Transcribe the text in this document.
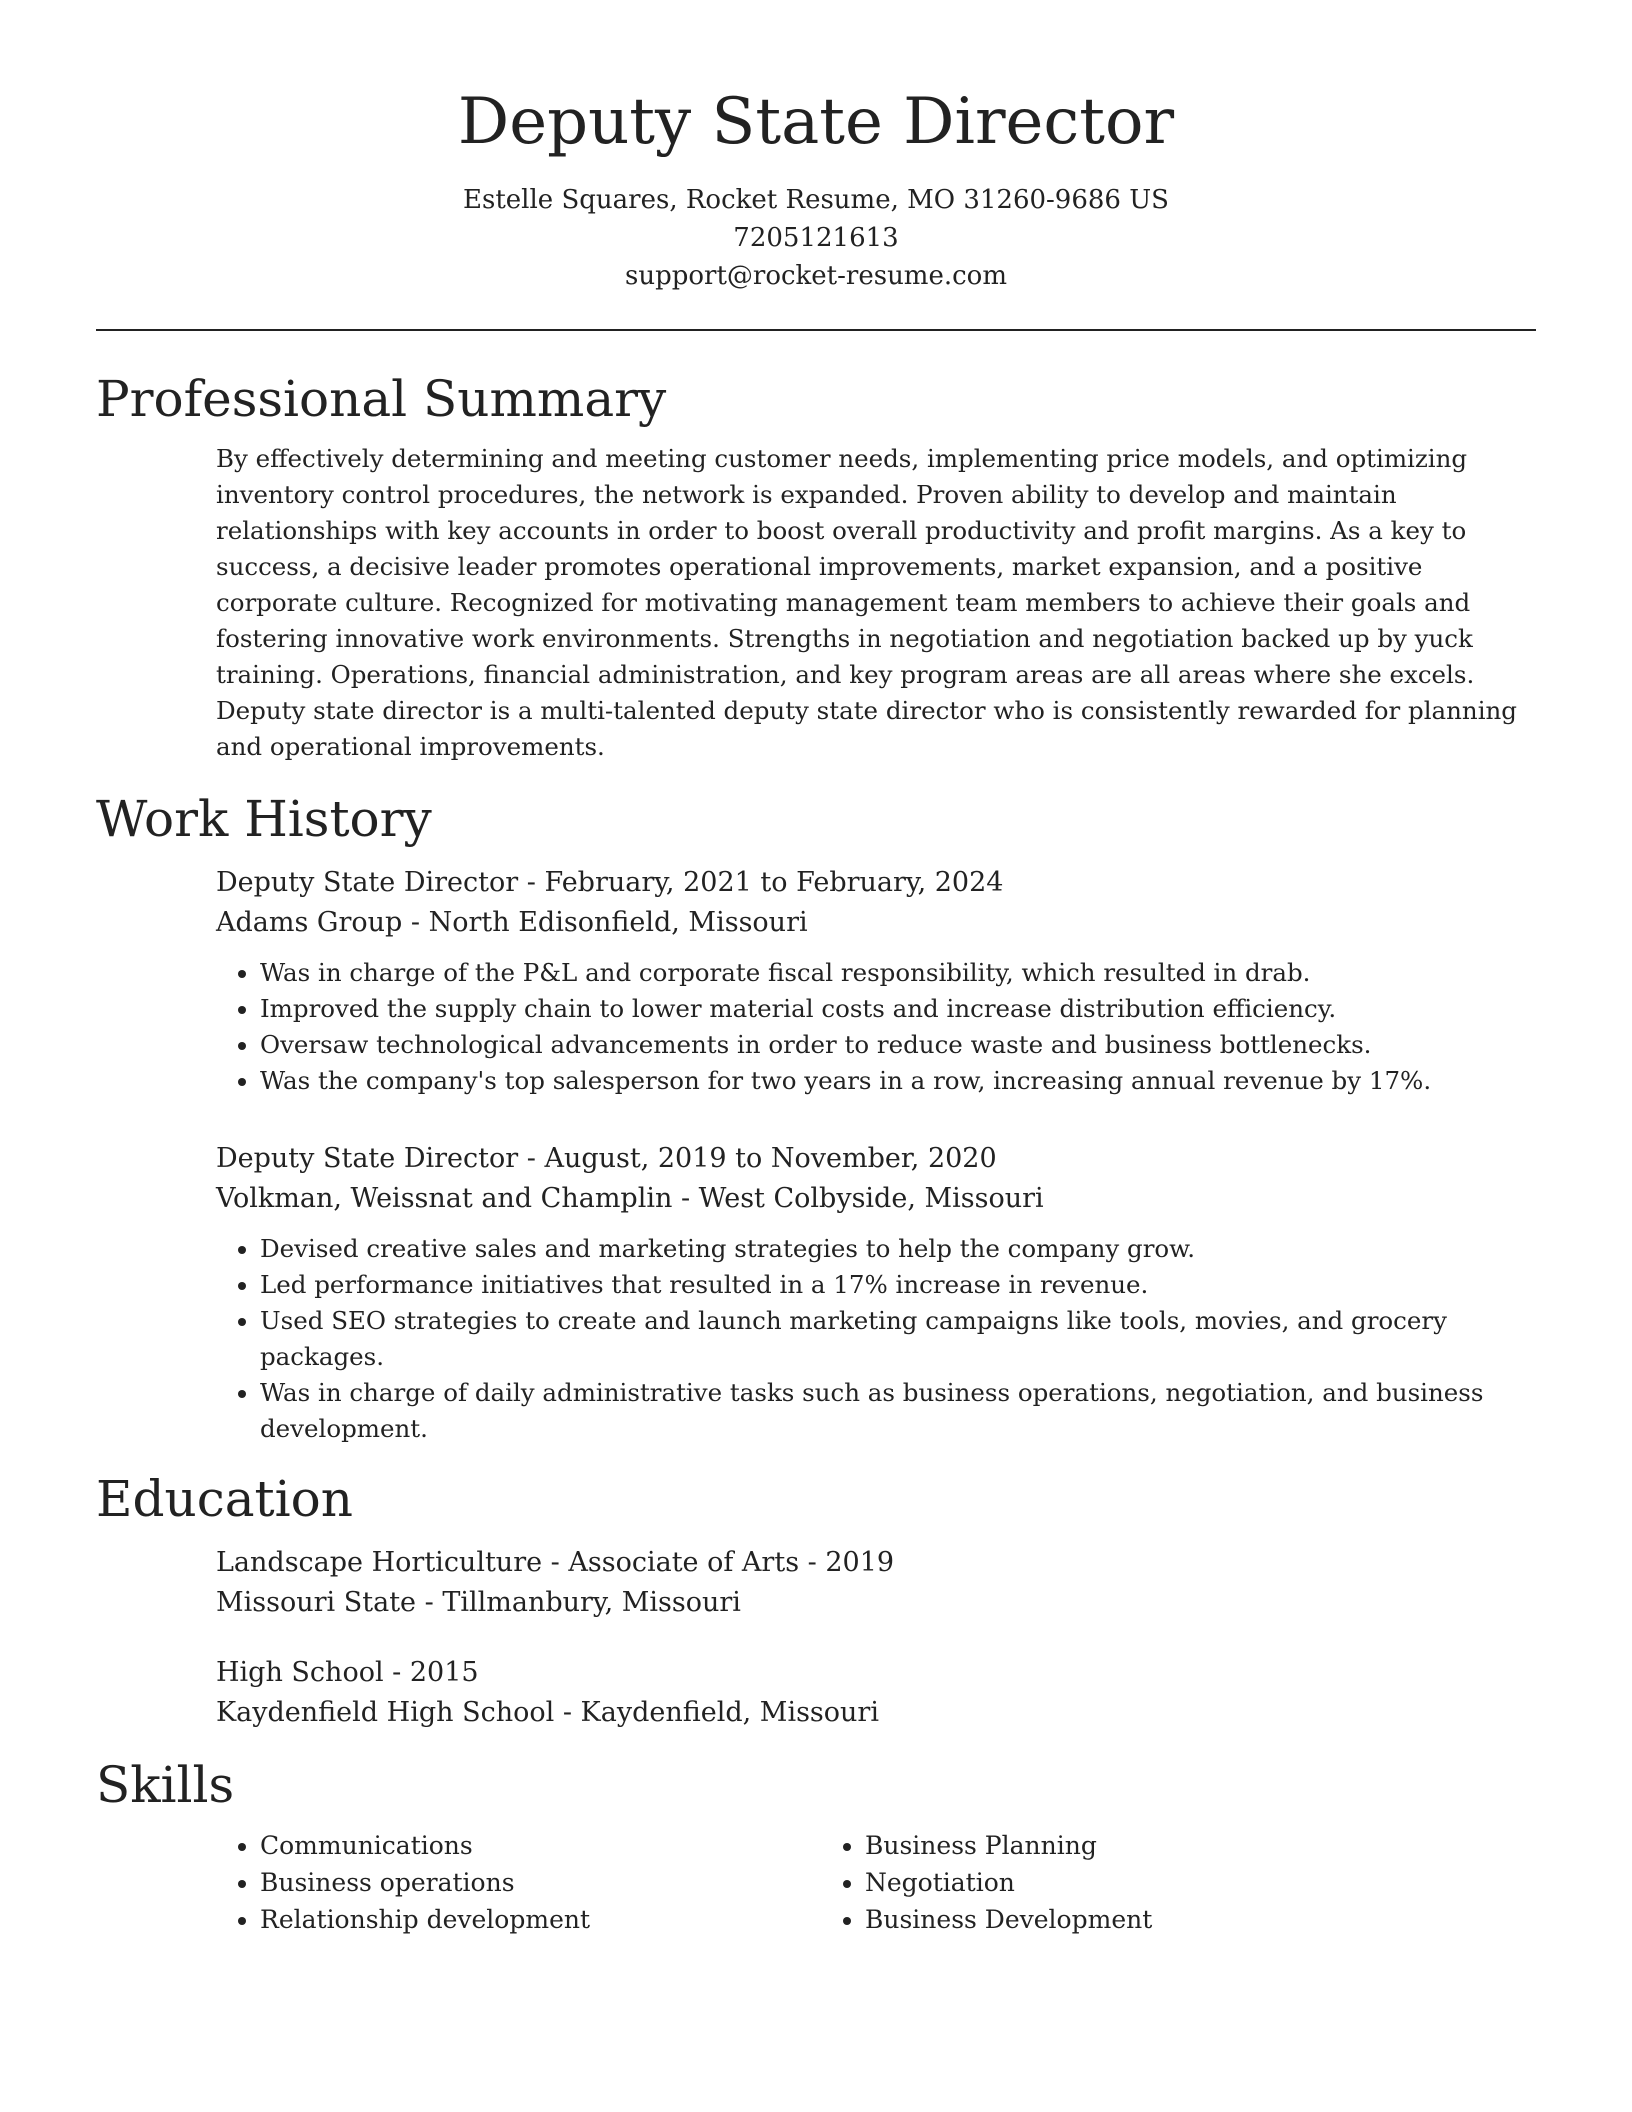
Deputy State Director
Estelle Squares, Rocket Resume, MO 31260-9686 US
7205121613
support@rocket-resume.com
Professional Summary
By effectively determining and meeting customer needs, implementing price models, and optimizing inventory control procedures, the network is expanded. Proven ability to develop and maintain relationships with key accounts in order to boost overall productivity and profit margins. As a key to success, a decisive leader promotes operational improvements, market expansion, and a positive corporate culture. Recognized for motivating management team members to achieve their goals and fostering innovative work environments. Strengths in negotiation and negotiation backed up by yuck training. Operations, financial administration, and key program areas are all areas where she excels. Deputy state director is a multi-talented deputy state director who is consistently rewarded for planning and operational improvements.
Work History
Deputy State Director - February, 2021 to February, 2024
Adams Group - North Edisonfield, Missouri
• Was in charge of the P&L and corporate fiscal responsibility, which resulted in drab.
• Improved the supply chain to lower material costs and increase distribution efficiency.
• Oversaw technological advancements in order to reduce waste and business bottlenecks.
• Was the company's top salesperson for two years in a row, increasing annual revenue by 17%.
Deputy State Director - August, 2019 to November, 2020
Volkman, Weissnat and Champlin - West Colbyside, Missouri
• Devised creative sales and marketing strategies to help the company grow.
• Led performance initiatives that resulted in a 17% increase in revenue.
• Used SEO strategies to create and launch marketing campaigns like tools, movies, and grocery packages.
• Was in charge of daily administrative tasks such as business operations, negotiation, and business development.
Education
Landscape Horticulture - Associate of Arts - 2019
Missouri State - Tillmanbury, Missouri
High School - 2015
Kaydenfield High School - Kaydenfield, Missouri
Skills
• Communications
• Business operations
• Relationship development
• Business Planning
• Negotiation
• Business Development
